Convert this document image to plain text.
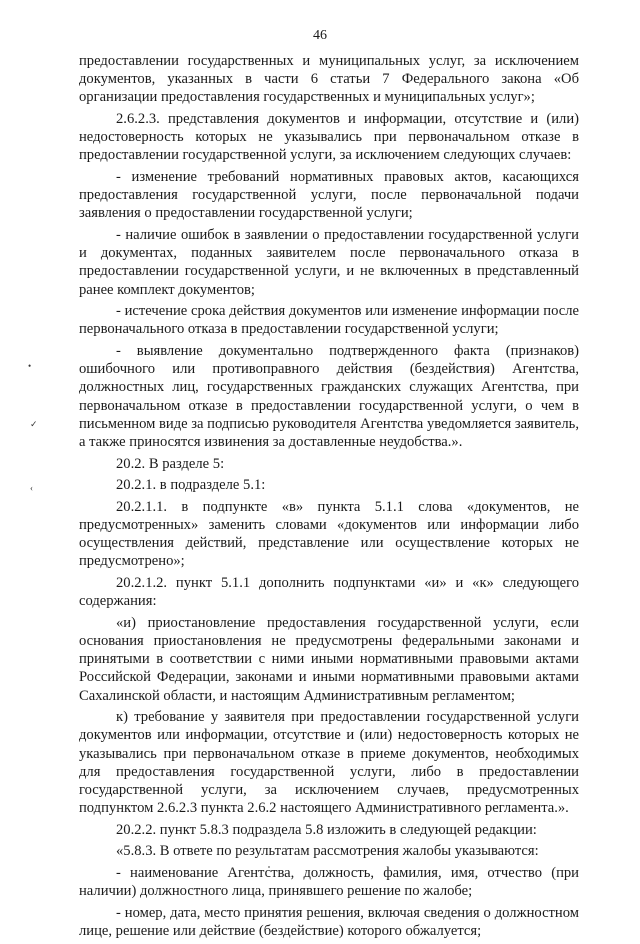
46
•
✓
‹

предоставлении государственных и муниципальных услуг, за исключением документов, указанных в части 6 статьи 7 Федерального закона «Об организации предоставления государственных и муниципальных услуг»;

2.6.2.3. представления документов и информации, отсутствие и (или) недостоверность которых не указывались при первоначальном отказе в предоставлении государственной услуги, за исключением следующих случаев:

- изменение требований нормативных правовых актов, касающихся предоставления государственной услуги, после первоначальной подачи заявления о предоставлении государственной услуги;

- наличие ошибок в заявлении о предоставлении государственной услуги и документах, поданных заявителем после первоначального отказа в предоставлении государственной услуги, и не включенных в представленный ранее комплект документов;

- истечение срока действия документов или изменение информации после первоначального отказа в предоставлении государственной услуги;

- выявление документально подтвержденного факта (признаков) ошибочного или противоправного действия (бездействия) Агентства, должностных лиц, государственных гражданских служащих Агентства, при первоначальном отказе в предоставлении государственной услуги, о чем в письменном виде за подписью руководителя Агентства уведомляется заявитель, а также приносятся извинения за доставленные неудобства.».

20.2. В разделе 5:

20.2.1. в подразделе 5.1:

20.2.1.1. в подпункте «в» пункта 5.1.1 слова «документов, не предусмотренных» заменить словами «документов или информации либо осуществления действий, представление или осуществление которых не предусмотрено»;

20.2.1.2. пункт 5.1.1 дополнить подпунктами «и» и «к» следующего содержания:

«и) приостановление предоставления государственной услуги, если основания приостановления не предусмотрены федеральными законами и принятыми в соответствии с ними иными нормативными правовыми актами Российской Федерации, законами и иными нормативными правовыми актами Сахалинской области, и настоящим Административным регламентом;

к) требование у заявителя при предоставлении государственной услуги документов или информации, отсутствие и (или) недостоверность которых не указывались при первоначальном отказе в приеме документов, необходимых для предоставления государственной услуги, либо в предоставлении государственной услуги, за исключением случаев, предусмотренных подпунктом 2.6.2.3 пункта 2.6.2 настоящего Административного регламента.».

20.2.2. пункт 5.8.3 подраздела 5.8 изложить в следующей редакции:

«5.8.3. В ответе по результатам рассмотрения жалобы указываются:

- наименование Агентства, должность, фамилия, имя, отчество (при наличии) должностного лица, принявшего решение по жалобе;

- номер, дата, место принятия решения, включая сведения о должностном лице, решение или действие (бездействие) которого обжалуется;
